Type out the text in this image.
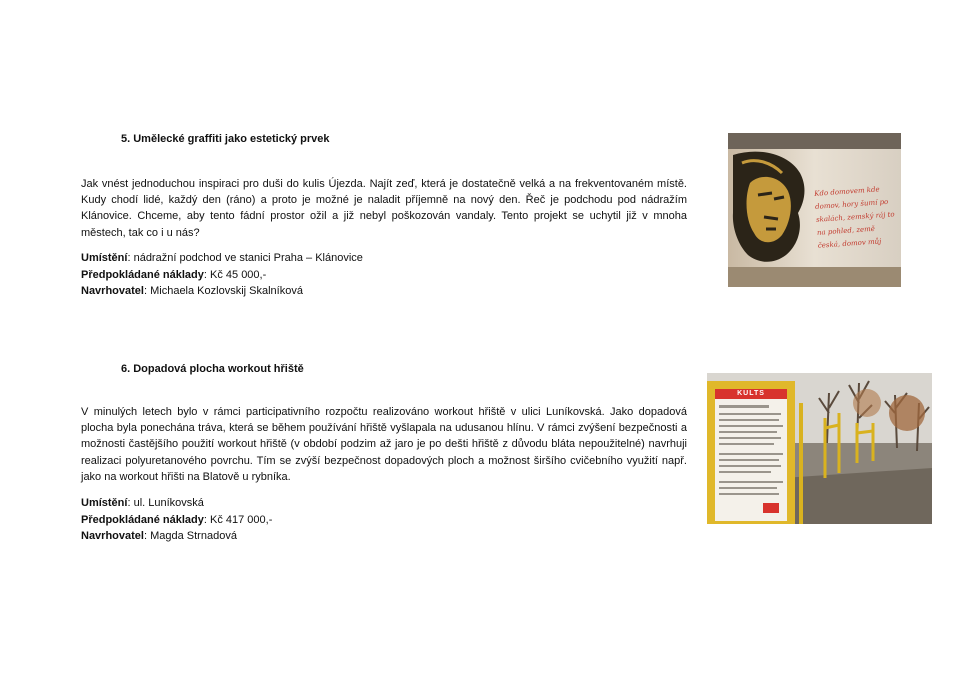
5. Umělecké graffiti jako estetický prvek
Jak vnést jednoduchou inspiraci pro duši do kulis Újezda. Najít zeď, která je dostatečně velká a na frekventovaném místě. Kudy chodí lidé, každý den (ráno) a proto je možné je naladit příjemně na nový den. Řeč je podchodu pod nádražím Klánovice. Chceme, aby tento fádní prostor ožil a již nebyl poškozován vandaly. Tento projekt se uchytil již v mnoha městech, tak co i u nás?
Umístění: nádražní podchod ve stanici Praha – Klánovice
Předpokládané náklady: Kč 45 000,-
Navrhovatel: Michaela Kozlovskij Skalníková
Kdo domovem kde domov, hory šumí po skalách, zemský ráj to na pohled, země česká, domov můj
6. Dopadová plocha workout hřiště
V minulých letech bylo v rámci participativního rozpočtu realizováno workout hřiště v ulici Luníkovská. Jako dopadová plocha byla ponechána tráva, která se během používání hřiště vyšlapala na udusanou hlínu. V rámci zvýšení bezpečnosti a možnosti častějšího použití workout hřiště (v období podzim až jaro je po dešti hřiště z důvodu bláta nepoužitelné) navrhuji realizaci polyuretanového povrchu. Tím se zvýší bezpečnost dopadových ploch a možnost širšího cvičebního využití např. jako na workout hřišti na Blatově u rybníka.
Umístění: ul. Luníkovská
Předpokládané náklady: Kč 417 000,-
Navrhovatel: Magda Strnadová
KULTS
